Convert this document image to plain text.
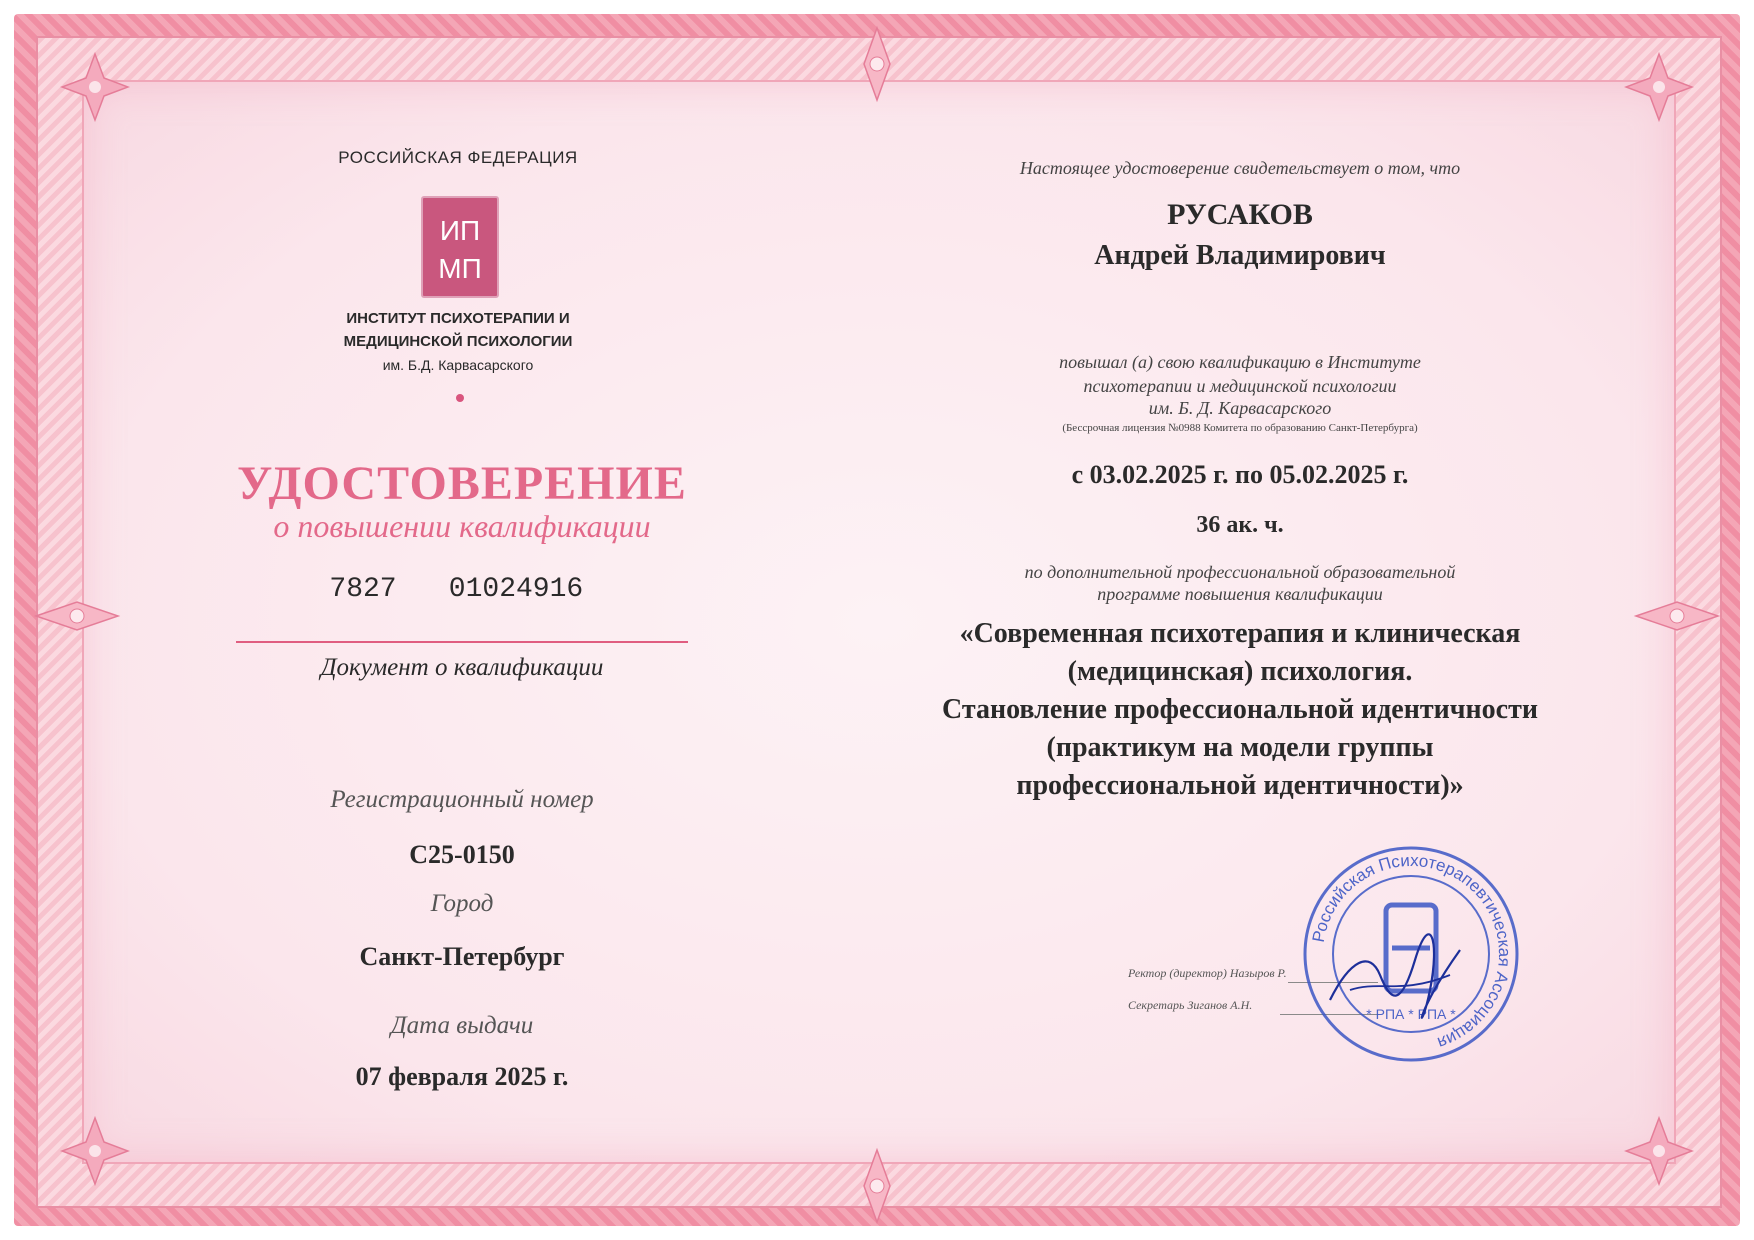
РОССИЙСКАЯ ФЕДЕРАЦИЯ
ИП
МП
ИНСТИТУТ ПСИХОТЕРАПИИ И
МЕДИЦИНСКОЙ ПСИХОЛОГИИ
им. Б.Д. Карвасарского
УДОСТОВЕРЕНИЕ
о повышении квалификации
7827	01024916
Документ о квалификации
Регистрационный номер
С25-0150
Город
Санкт-Петербург
Дата выдачи
07 февраля 2025 г.
Настоящее удостоверение свидетельствует о том, что
РУСАКОВ
Андрей Владимирович
повышал (а) свою квалификацию в Институте
психотерапии и медицинской психологии
им. Б. Д. Карвасарского
(Бессрочная лицензия №0988 Комитета по образованию Санкт-Петербурга)
с 03.02.2025 г. по 05.02.2025 г.
36 ак. ч.
по дополнительной профессиональной образовательной
программе повышения квалификации
«Современная психотерапия и клиническая
(медицинская) психология.
Становление профессиональной идентичности
(практикум на модели группы
профессиональной идентичности)»
Ректор (директор) Назыров Р.
Секретарь Зиганов А.Н.
Российская Психотерапевтическая Ассоциация
* РПА * РПА *
